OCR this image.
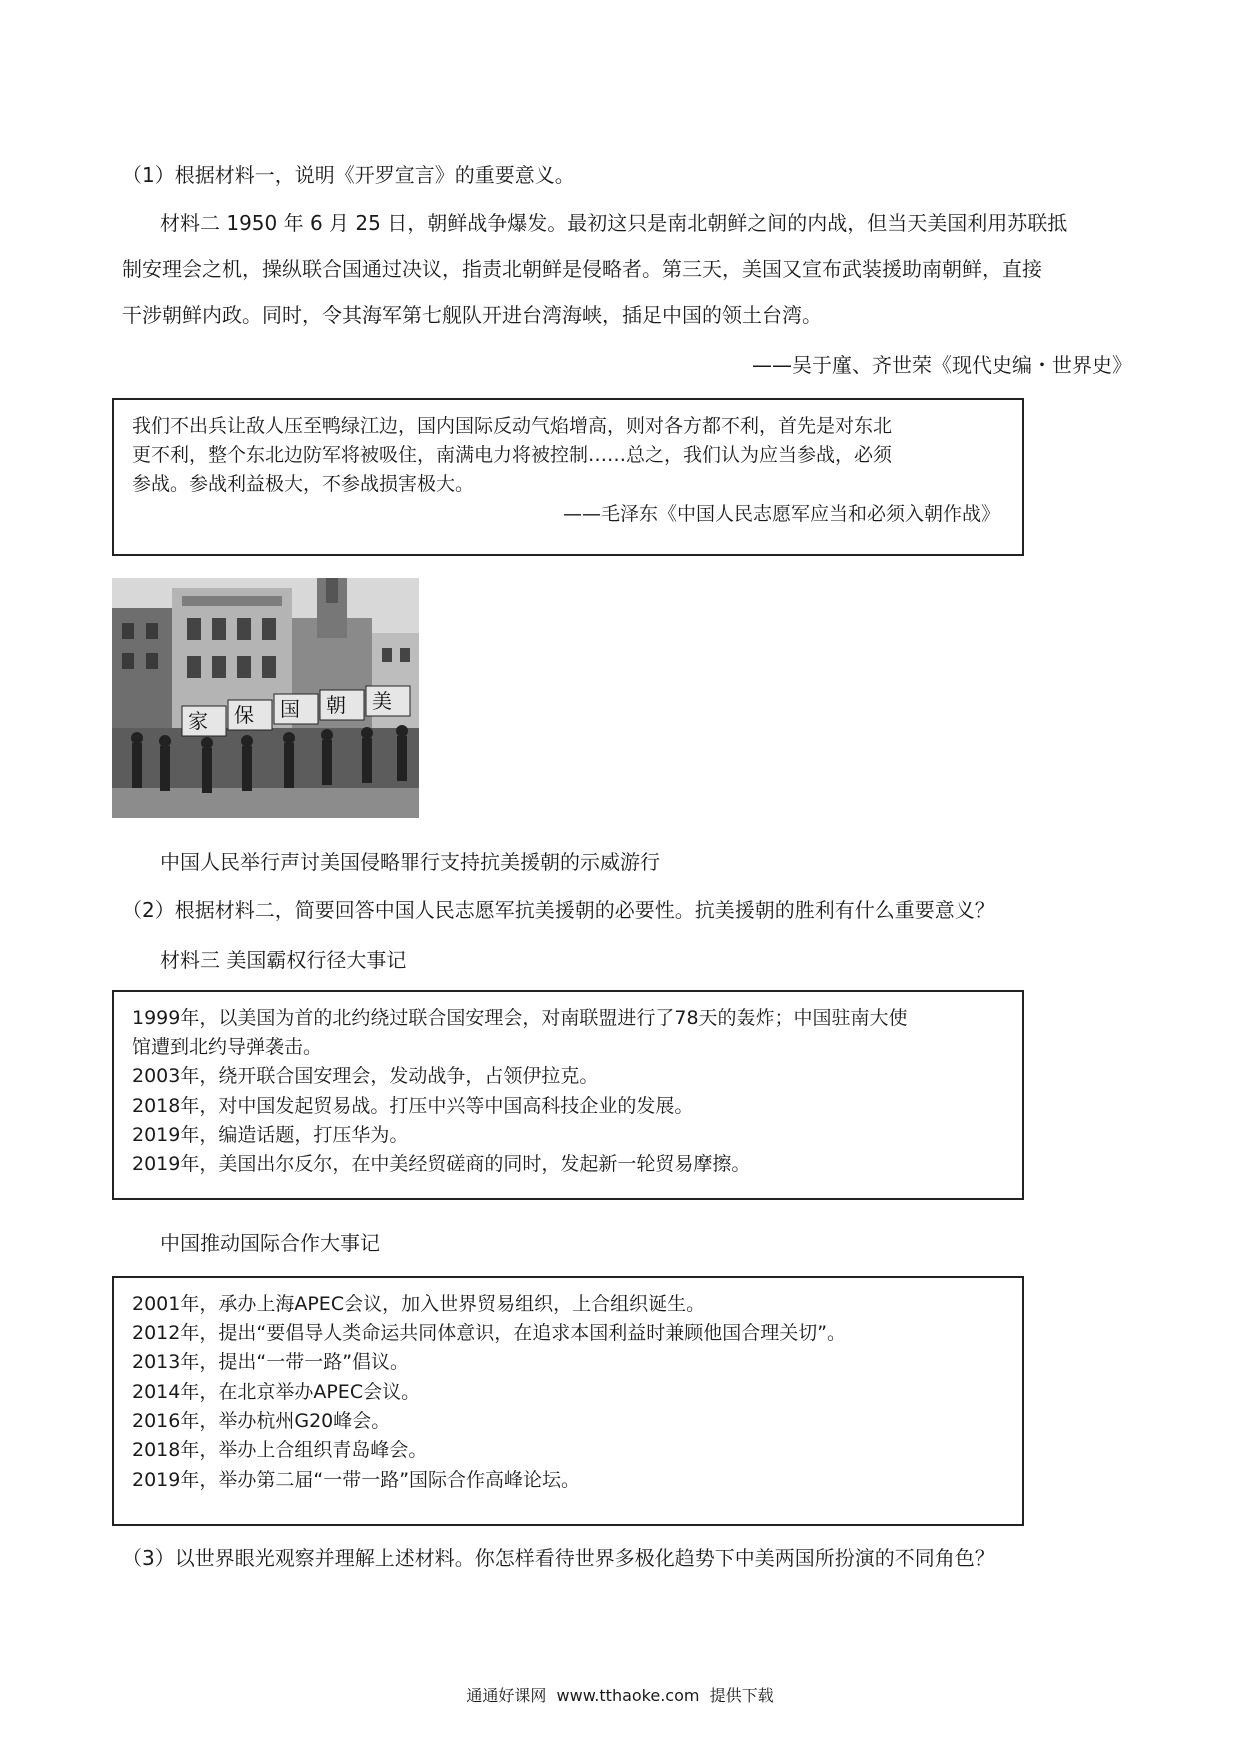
（1）根据材料一，说明《开罗宣言》的重要意义。
材料二 1950 年 6 月 25 日，朝鲜战争爆发。最初这只是南北朝鲜之间的内战，但当天美国利用苏联抵
制安理会之机，操纵联合国通过决议，指责北朝鲜是侵略者。第三天，美国又宣布武装援助南朝鲜，直接
干涉朝鲜内政。同时，令其海军第七舰队开进台湾海峡，插足中国的领土台湾。
——吴于廑、齐世荣《现代史编・世界史》
我们不出兵让敌人压至鸭绿江边，国内国际反动气焰增高，则对各方都不利，首先是对东北
更不利，整个东北边防军将被吸住，南满电力将被控制……总之，我们认为应当参战，必须
参战。参战利益极大，不参战损害极大。
——毛泽东《中国人民志愿军应当和必须入朝作战》
家 保 国 朝 美
中国人民举行声讨美国侵略罪行支持抗美援朝的示威游行
（2）根据材料二，简要回答中国人民志愿军抗美援朝的必要性。抗美援朝的胜利有什么重要意义？
材料三 美国霸权行径大事记
1999年，以美国为首的北约绕过联合国安理会，对南联盟进行了78天的轰炸；中国驻南大使
馆遭到北约导弹袭击。
2003年，绕开联合国安理会，发动战争，占领伊拉克。
2018年，对中国发起贸易战。打压中兴等中国高科技企业的发展。
2019年，编造话题，打压华为。
2019年，美国出尔反尔，在中美经贸磋商的同时，发起新一轮贸易摩擦。
中国推动国际合作大事记
2001年，承办上海APEC会议，加入世界贸易组织，上合组织诞生。
2012年，提出“要倡导人类命运共同体意识，在追求本国利益时兼顾他国合理关切”。
2013年，提出“一带一路”倡议。
2014年，在北京举办APEC会议。
2016年，举办杭州G20峰会。
2018年，举办上合组织青岛峰会。
2019年，举办第二届“一带一路”国际合作高峰论坛。
（3）以世界眼光观察并理解上述材料。你怎样看待世界多极化趋势下中美两国所扮演的不同角色？
通通好课网  www.tthaoke.com  提供下载
